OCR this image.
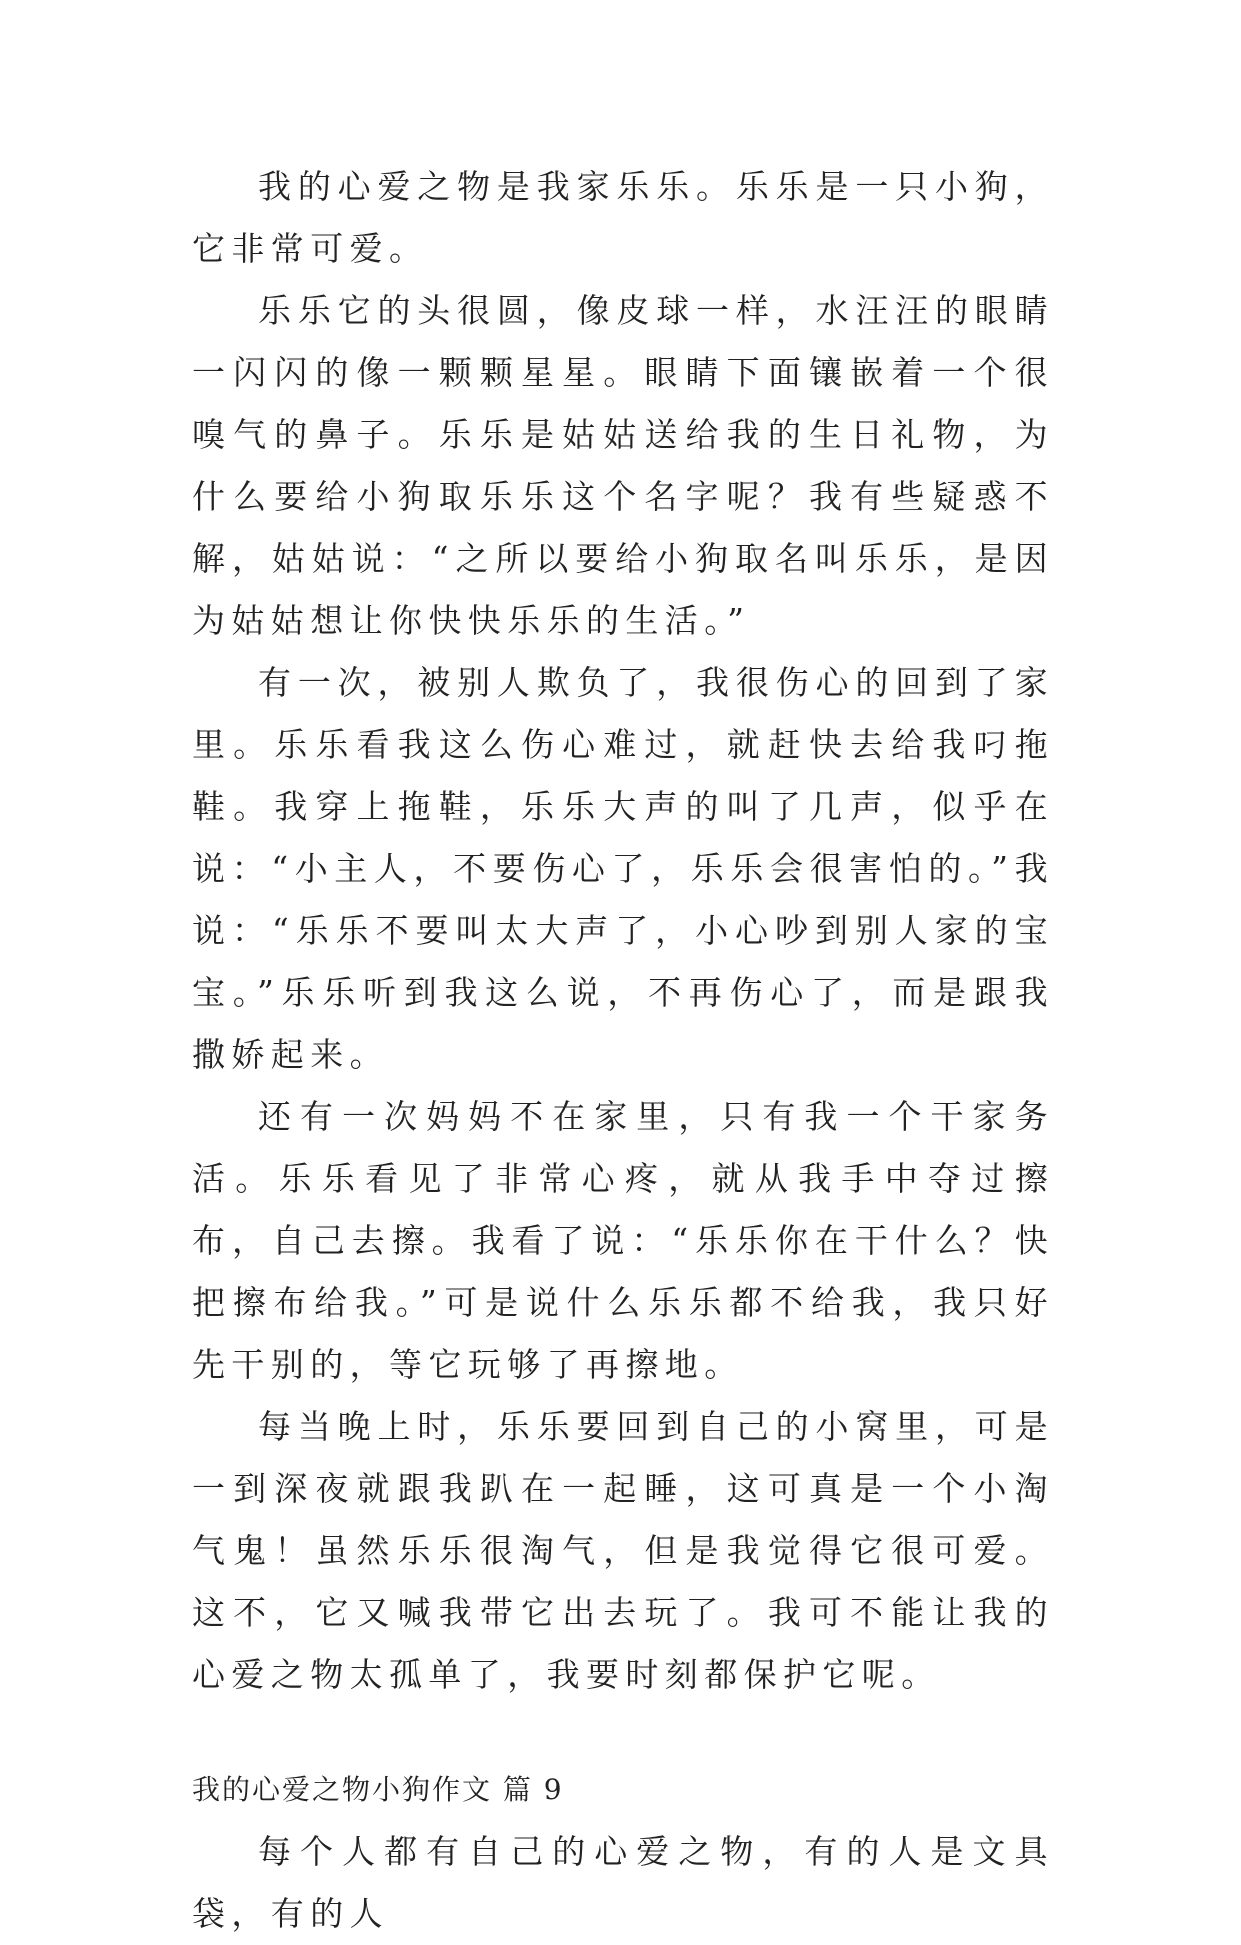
我的心爱之物是我家乐乐。乐乐是一只小狗，它非常可爱。

乐乐它的头很圆，像皮球一样，水汪汪的眼睛一闪闪的像一颗颗星星。眼睛下面镶嵌着一个很嗅气的鼻子。乐乐是姑姑送给我的生日礼物，为什么要给小狗取乐乐这个名字呢？我有些疑惑不解，姑姑说：“之所以要给小狗取名叫乐乐，是因为姑姑想让你快快乐乐的生活。”

有一次，被别人欺负了，我很伤心的回到了家里。乐乐看我这么伤心难过，就赶快去给我叼拖鞋。我穿上拖鞋，乐乐大声的叫了几声，似乎在说：“小主人，不要伤心了，乐乐会很害怕的。”我说：“乐乐不要叫太大声了，小心吵到别人家的宝宝。”乐乐听到我这么说，不再伤心了，而是跟我撒娇起来。

还有一次妈妈不在家里，只有我一个干家务活。乐乐看见了非常心疼，就从我手中夺过擦布，自己去擦。我看了说：“乐乐你在干什么？快把擦布给我。”可是说什么乐乐都不给我，我只好先干别的，等它玩够了再擦地。

每当晚上时，乐乐要回到自己的小窝里，可是一到深夜就跟我趴在一起睡，这可真是一个小淘气鬼！虽然乐乐很淘气，但是我觉得它很可爱。这不，它又喊我带它出去玩了。我可不能让我的心爱之物太孤单了，我要时刻都保护它呢。

我的心爱之物小狗作文 篇 9

每个人都有自己的心爱之物，有的人是文具袋，有的人
